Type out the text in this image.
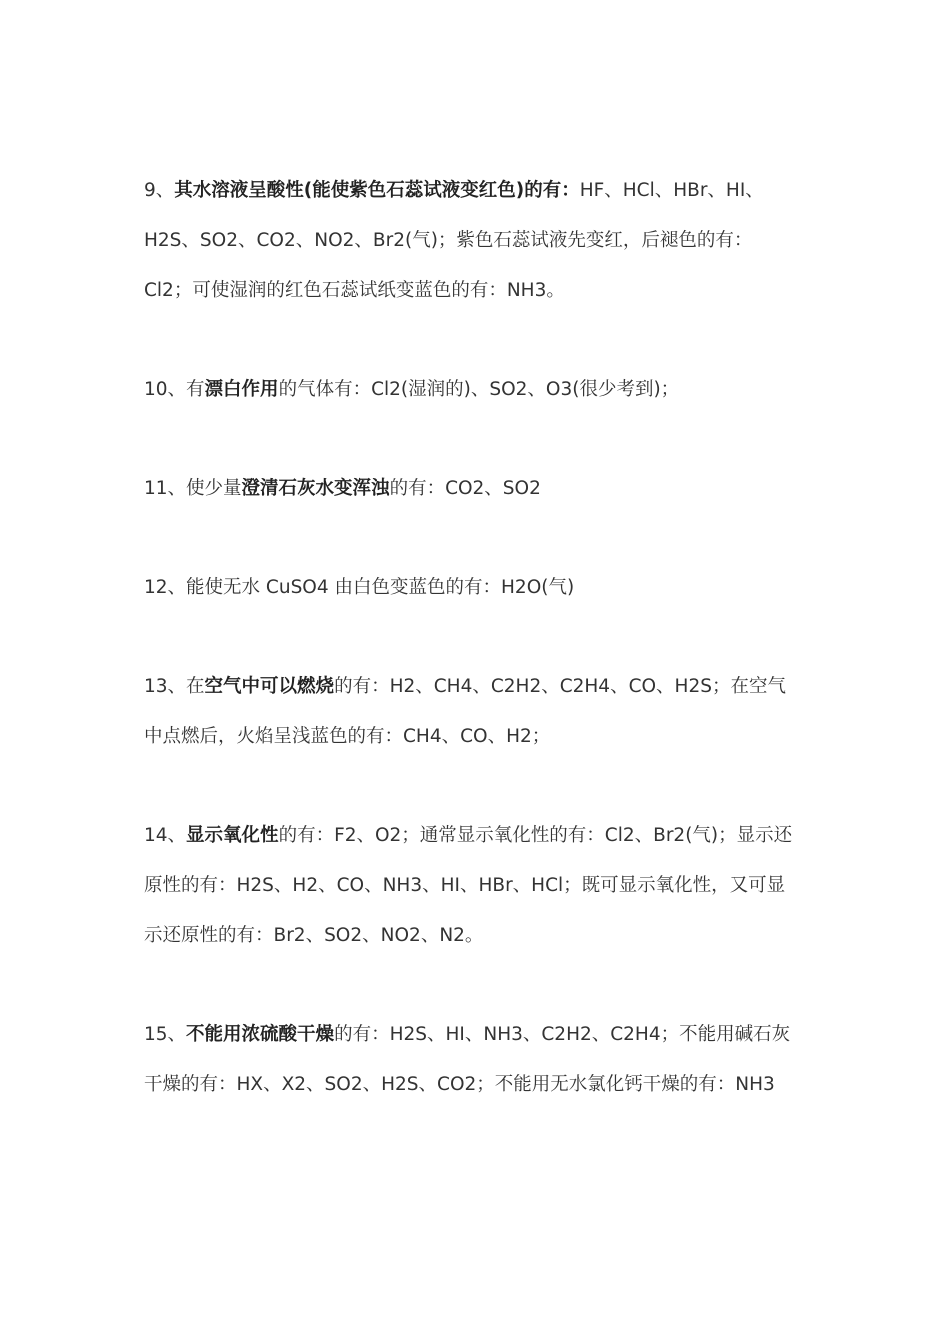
9、其水溶液呈酸性(能使紫色石蕊试液变红色)的有：HF、HCl、HBr、HI、
H2S、SO2、CO2、NO2、Br2(气)；紫色石蕊试液先变红，后褪色的有：
Cl2；可使湿润的红色石蕊试纸变蓝色的有：NH3。

10、有漂白作用的气体有：Cl2(湿润的)、SO2、O3(很少考到)；

11、使少量澄清石灰水变浑浊的有：CO2、SO2

12、能使无水 CuSO4 由白色变蓝色的有：H2O(气)

13、在空气中可以燃烧的有：H2、CH4、C2H2、C2H4、CO、H2S；在空气
中点燃后，火焰呈浅蓝色的有：CH4、CO、H2；

14、显示氧化性的有：F2、O2；通常显示氧化性的有：Cl2、Br2(气)；显示还
原性的有：H2S、H2、CO、NH3、HI、HBr、HCl；既可显示氧化性，又可显
示还原性的有：Br2、SO2、NO2、N2。

15、不能用浓硫酸干燥的有：H2S、HI、NH3、C2H2、C2H4；不能用碱石灰
干燥的有：HX、X2、SO2、H2S、CO2；不能用无水氯化钙干燥的有：NH3
